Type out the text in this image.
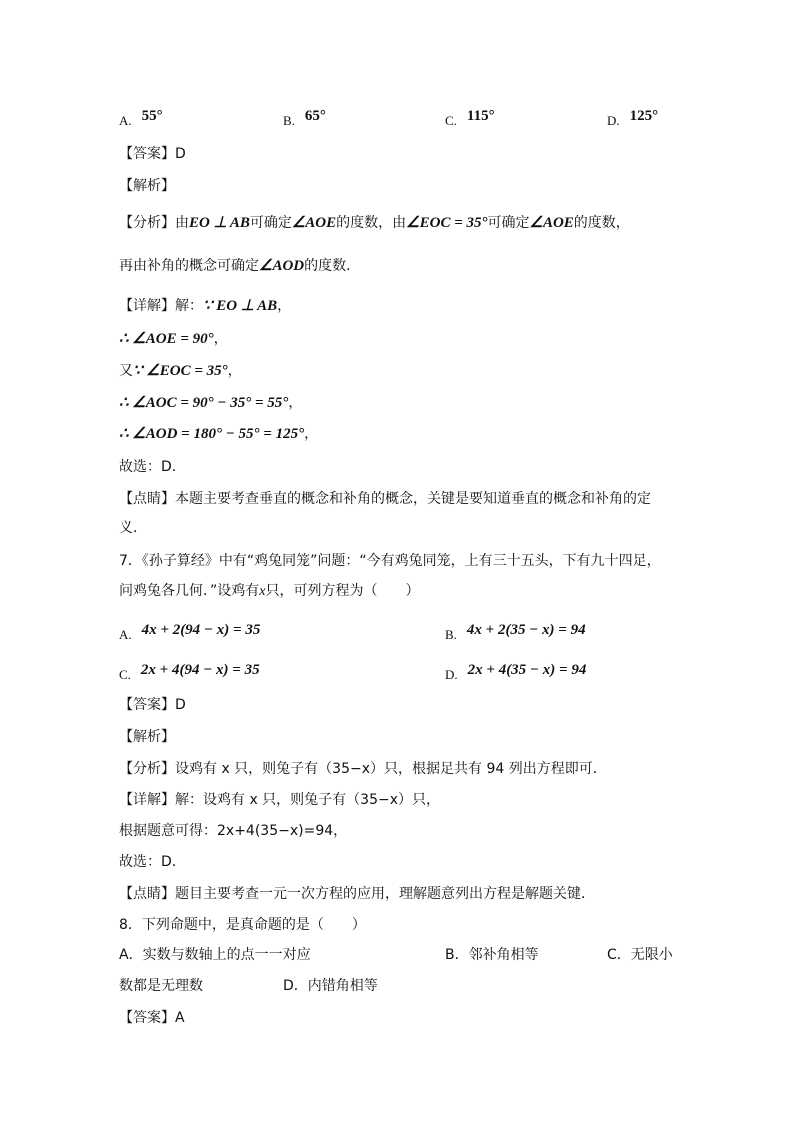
A. 55°	B. 65°	C. 115°	D. 125°
【答案】D
【解析】
【分析】由EO ⊥ AB可确定∠AOE的度数，由∠EOC = 35°可确定∠AOE的度数，
再由补角的概念可确定∠AOD的度数．
【详解】解：∵ EO ⊥ AB，
∴ ∠AOE = 90°，
又∵ ∠EOC = 35°，
∴ ∠AOC = 90° − 35° = 55°，
∴ ∠AOD = 180° − 55° = 125°，
故选：D．
【点睛】本题主要考查垂直的概念和补角的概念，关键是要知道垂直的概念和补角的定
义．
7．《孙子算经》中有“鸡兔同笼”问题：“今有鸡兔同笼，上有三十五头，下有九十四足，
问鸡兔各几何．”设鸡有x只，可列方程为（　　）
A. 4x + 2(94 − x) = 35	B. 4x + 2(35 − x) = 94
C. 2x + 4(94 − x) = 35	D. 2x + 4(35 − x) = 94
【答案】D
【解析】
【分析】设鸡有 x 只，则兔子有（35−x）只，根据足共有 94 列出方程即可．
【详解】解：设鸡有 x 只，则兔子有（35−x）只，
根据题意可得：2x+4(35−x)=94，
故选：D．
【点睛】题目主要考查一元一次方程的应用，理解题意列出方程是解题关键．
8．下列命题中，是真命题的是（　　）
A．实数与数轴上的点一一对应	B．邻补角相等	C．无限小
数都是无理数	D．内错角相等
【答案】A
